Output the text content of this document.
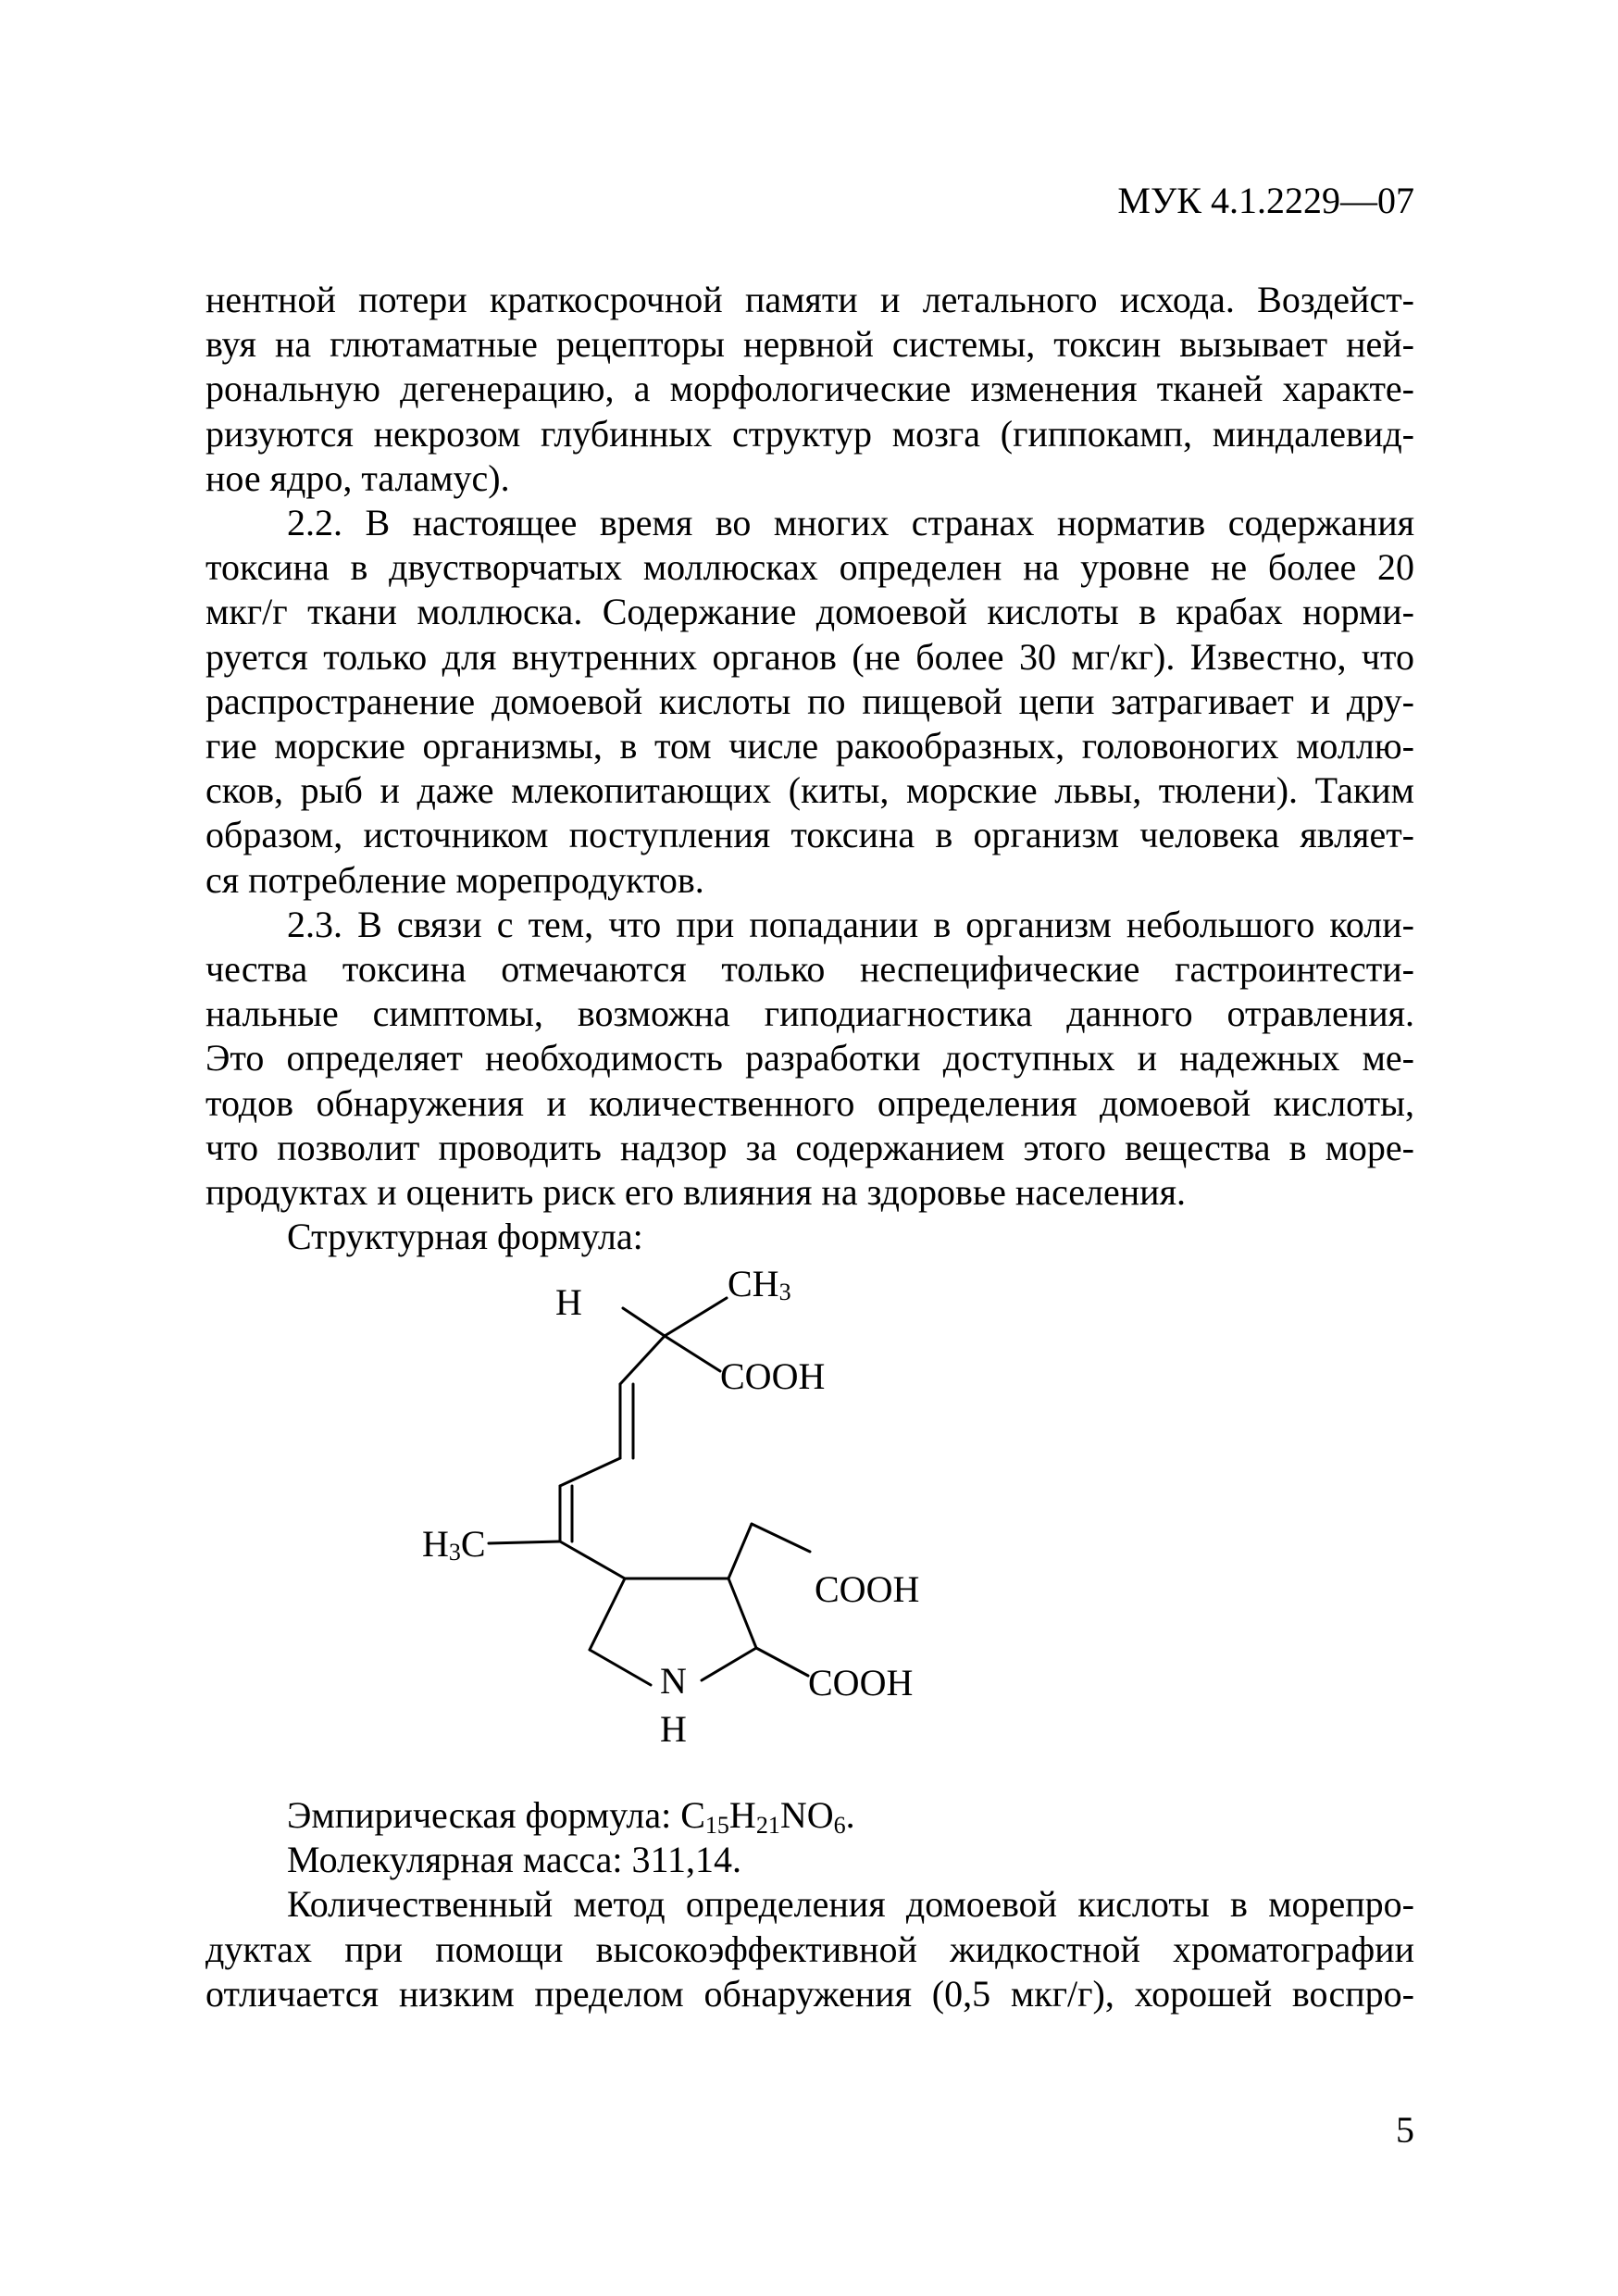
МУК 4.1.2229—07

нентной потери краткосрочной памяти и летального исхода. Воздейст-

вуя на глютаматные рецепторы нервной системы, токсин вызывает ней-

рональную дегенерацию, а морфологические изменения тканей характе-

ризуются некрозом глубинных структур мозга (гиппокамп, миндалевид-

ное ядро, таламус).

2.2. В настоящее время во многих странах норматив содержания

токсина в двустворчатых моллюсках определен на уровне не более 20

мкг/г ткани моллюска. Содержание домоевой кислоты в крабах норми-

руется только для внутренних органов (не более 30 мг/кг). Известно, что

распространение домоевой кислоты по пищевой цепи затрагивает и дру-

гие морские организмы, в том числе ракообразных, головоногих моллю-

сков, рыб и даже млекопитающих (киты, морские львы, тюлени). Таким

образом, источником поступления токсина в организм человека являет-

ся потребление морепродуктов.

2.3. В связи с тем, что при попадании в организм небольшого коли-

чества токсина отмечаются только неспецифические гастроинтести-

нальные симптомы, возможна гиподиагностика данного отравления.

Это определяет необходимость разработки доступных и надежных ме-

тодов обнаружения и количественного определения домоевой кислоты,

что позволит проводить надзор за содержанием этого вещества в море-

продуктах и оценить риск его влияния на здоровье населения.

Структурная формула:

H	$CH_3$
COOH
$H_3C$
COOH
N	COOH
H

Эмпирическая формула: $C_{15}H_{21}NO_6$.

Молекулярная масса: 311,14.

Количественный метод определения домоевой кислоты в морепро-

дуктах при помощи высокоэффективной жидкостной хроматографии

отличается низким пределом обнаружения (0,5 мкг/г), хорошей воспро-

5
